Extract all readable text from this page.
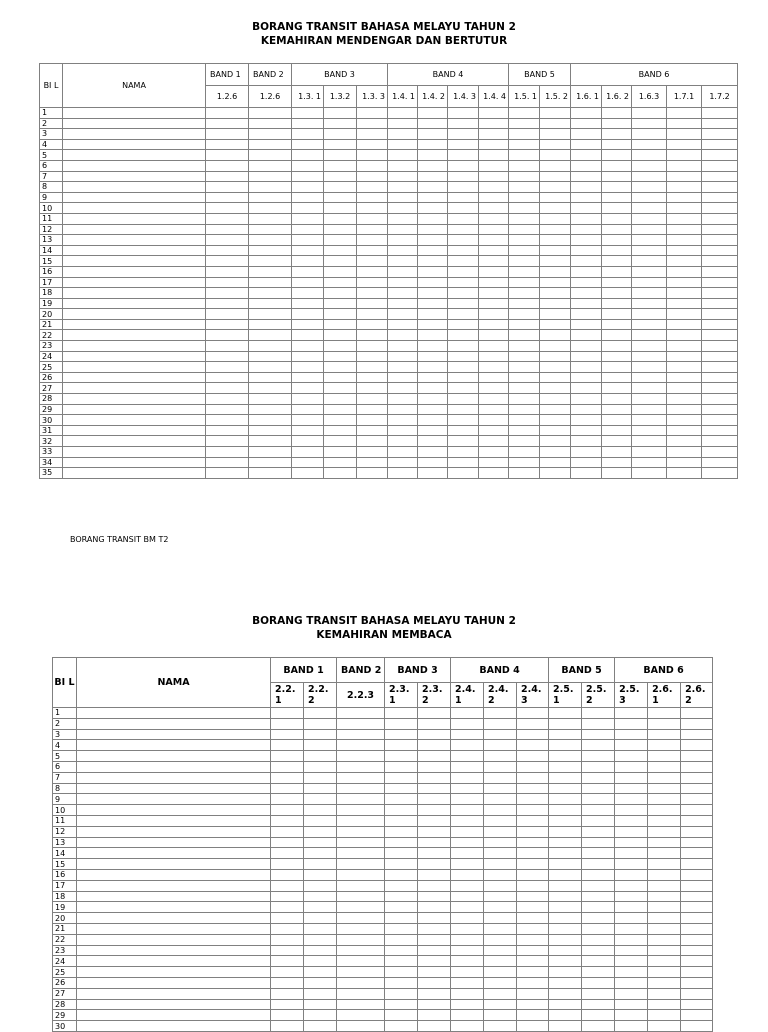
BORANG TRANSIT BAHASA MELAYU TAHUN 2
KEMAHIRAN MENDENGAR DAN BERTUTUR
BI L	NAMA	BAND 1	BAND 2	BAND 3			BAND 4				BAND 5		BAND 6				
		1.2.6	1.2.6	1.3. 1	1.3.2	1.3. 3	1.4. 1	1.4. 2	1.4. 3	1.4. 4	1.5. 1	1.5. 2	1.6. 1	1.6. 2	1.6.3	1.7.1	1.7.2
1																	
2																	
3																	
4																	
5																	
6																	
7																	
8																	
9																	
10																	
11																	
12																	
13																	
14																	
15																	
16																	
17																	
18																	
19																	
20																	
21																	
22																	
23																	
24																	
25																	
26																	
27																	
28																	
29																	
30																	
31																	
32																	
33																	
34																	
35																	
BORANG TRANSIT BM T2
BORANG TRANSIT BAHASA MELAYU TAHUN 2
KEMAHIRAN MEMBACA
BI L	NAMA	BAND 1		BAND 2	BAND 3		BAND 4			BAND 5		BAND 6		
		2.2. 1	2.2. 2	2.2.3	2.3. 1	2.3. 2	2.4. 1	2.4. 2	2.4. 3	2.5. 1	2.5. 2	2.5. 3	2.6. 1	2.6. 2
1														
2														
3														
4														
5														
6														
7														
8														
9														
10														
11														
12														
13														
14														
15														
16														
17														
18														
19														
20														
21														
22														
23														
24														
25														
26														
27														
28														
29														
30														
